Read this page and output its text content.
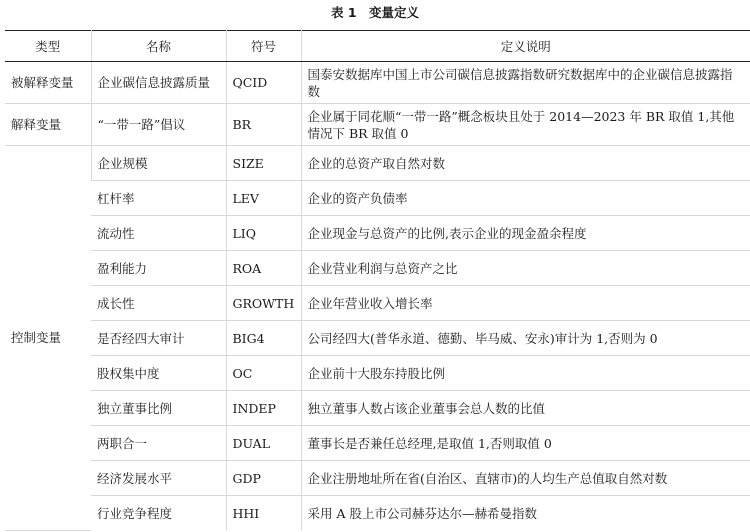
表 1　变量定义
类型	名称	符号	定义说明
被解释变量	企业碳信息披露质量	QCID	国泰安数据库中国上市公司碳信息披露指数研究数据库中的企业碳信息披露指数
解释变量	“一带一路”倡议	BR	企业属于同花顺“一带一路”概念板块且处于 2014—2023 年 BR 取值 1,其他情况下 BR 取值 0
控制变量	企业规模	SIZE	企业的总资产取自然对数
	杠杆率	LEV	企业的资产负债率
	流动性	LIQ	企业现金与总资产的比例,表示企业的现金盈余程度
	盈利能力	ROA	企业营业利润与总资产之比
	成长性	GROWTH	企业年营业收入增长率
	是否经四大审计	BIG4	公司经四大(普华永道、德勤、毕马威、安永)审计为 1,否则为 0
	股权集中度	OC	企业前十大股东持股比例
	独立董事比例	INDEP	独立董事人数占该企业董事会总人数的比值
	两职合一	DUAL	董事长是否兼任总经理,是取值 1,否则取值 0
	经济发展水平	GDP	企业注册地址所在省(自治区、直辖市)的人均生产总值取自然对数
	行业竞争程度	HHI	采用 A 股上市公司赫芬达尔—赫希曼指数
